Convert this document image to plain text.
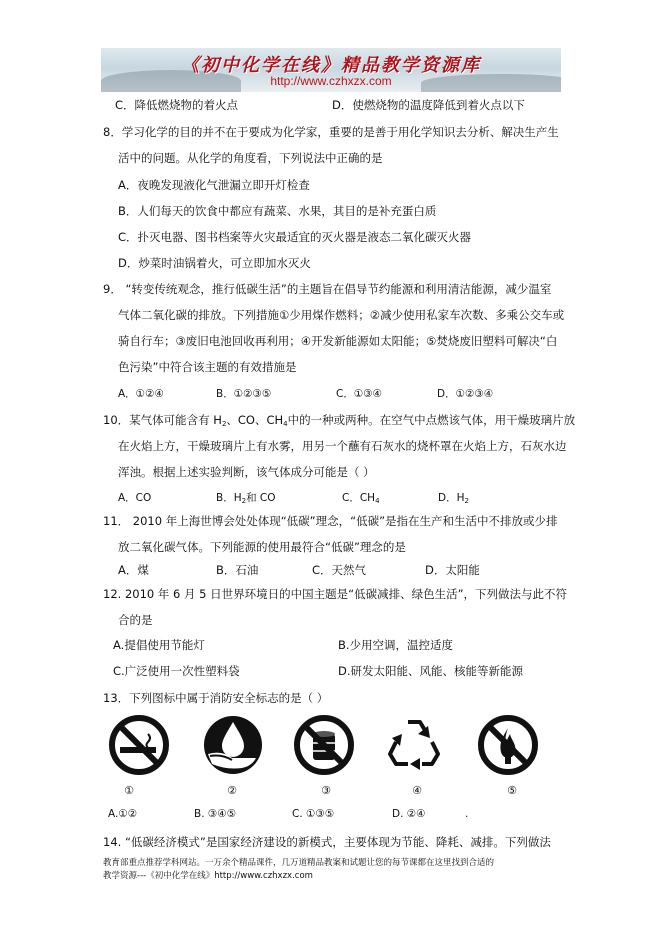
《初中化学在线》精品教学资源库
http://www.czhxzx.com
C．降低燃烧物的着火点	D．使燃烧物的温度降低到着火点以下
8．学习化学的目的并不在于要成为化学家，重要的是善于用化学知识去分析、解决生产生
活中的问题。从化学的角度看，下列说法中正确的是
A．夜晚发现液化气泄漏立即开灯检查
B．人们每天的饮食中都应有蔬菜、水果，其目的是补充蛋白质
C．扑灭电器、图书档案等火灾最适宜的灭火器是液态二氧化碳灭火器
D．炒菜时油锅着火，可立即加水灭火
9． “转变传统观念，推行低碳生活”的主题旨在倡导节约能源和利用清洁能源，减少温室
气体二氧化碳的排放。下列措施①少用煤作燃料；②减少使用私家车次数、多乘公交车或
骑自行车；③废旧电池回收再利用；④开发新能源如太阳能；⑤焚烧废旧塑料可解决“白
色污染”中符合该主题的有效措施是
A．①②④	B．①②③⑤	C．①③④	D．①②③④
10．某气体可能含有 $H_2$、CO、$CH_4$中的一种或两种。在空气中点燃该气体，用干燥玻璃片放
在火焰上方，干燥玻璃片上有水雾，用另一个蘸有石灰水的烧杯罩在火焰上方，石灰水边
浑浊。根据上述实验判断，该气体成分可能是（ ）
A．CO	B．$H_2$和 CO	C．$CH_4$	D．$H_2$
11． 2010 年上海世博会处处体现“低碳”理念，“低碳”是指在生产和生活中不排放或少排
放二氧化碳气体。下列能源的使用最符合“低碳”理念的是
A．煤	B．石油	C．天然气	D．太阳能
12. 2010 年 6 月 5 日世界环境日的中国主题是“低碳减排、绿色生活”，下列做法与此不符
合的是
A.提倡使用节能灯	B.少用空调，温控适度
C.广泛使用一次性塑料袋	D.研发太阳能、风能、核能等新能源
13．下列图标中属于消防安全标志的是（ ）
①	②	③	④	⑤
A.①②	B. ③④⑤	C. ①③⑤	D. ②④	.
14. “低碳经济模式”是国家经济建设的新模式，主要体现为节能、降耗、减排。下列做法
教育部重点推荐学科网站。一万余个精品课件，几万道精品教案和试题让您的每节课都在这里找到合适的
教学资源---《初中化学在线》http://www.czhxzx.com
